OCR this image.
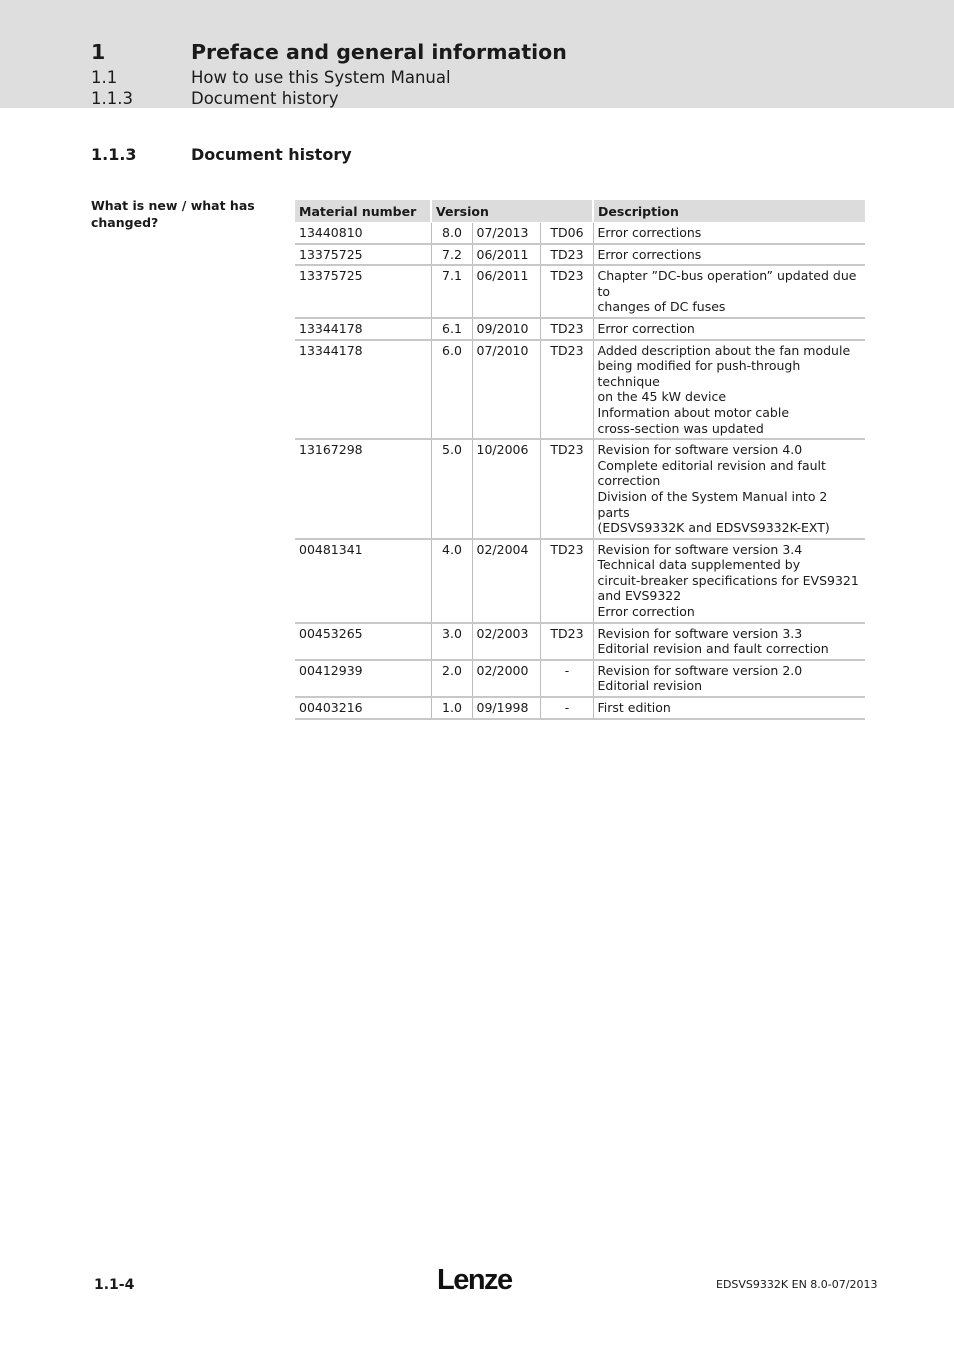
1	Preface and general information
1.1	How to use this System Manual
1.1.3	Document history
1.1.3	Document history
What is new / what has changed?
Material number	Version			Description
13440810	8.0	07/2013	TD06	Error corrections

13375725	7.2	06/2011	TD23	Error corrections

13375725	7.1	06/2011	TD23	Chapter ”DC-bus operation” updated due to
changes of DC fuses

13344178	6.1	09/2010	TD23	Error correction

13344178	6.0	07/2010	TD23	Added description about the fan module
being modified for push-through technique
on the 45 kW device
Information about motor cable
cross-section was updated

13167298	5.0	10/2006	TD23	Revision for software version 4.0
Complete editorial revision and fault
correction
Division of the System Manual into 2 parts
(EDSVS9332K and EDSVS9332K-EXT)

00481341	4.0	02/2004	TD23	Revision for software version 3.4
Technical data supplemented by
circuit-breaker specifications for EVS9321
and EVS9322
Error correction

00453265	3.0	02/2003	TD23	Revision for software version 3.3
Editorial revision and fault correction

00412939	2.0	02/2000	-	Revision for software version 2.0
Editorial revision

00403216	1.0	09/1998	-	First edition
1.1-4	Lenze	EDSVS9332K EN 8.0-07/2013
